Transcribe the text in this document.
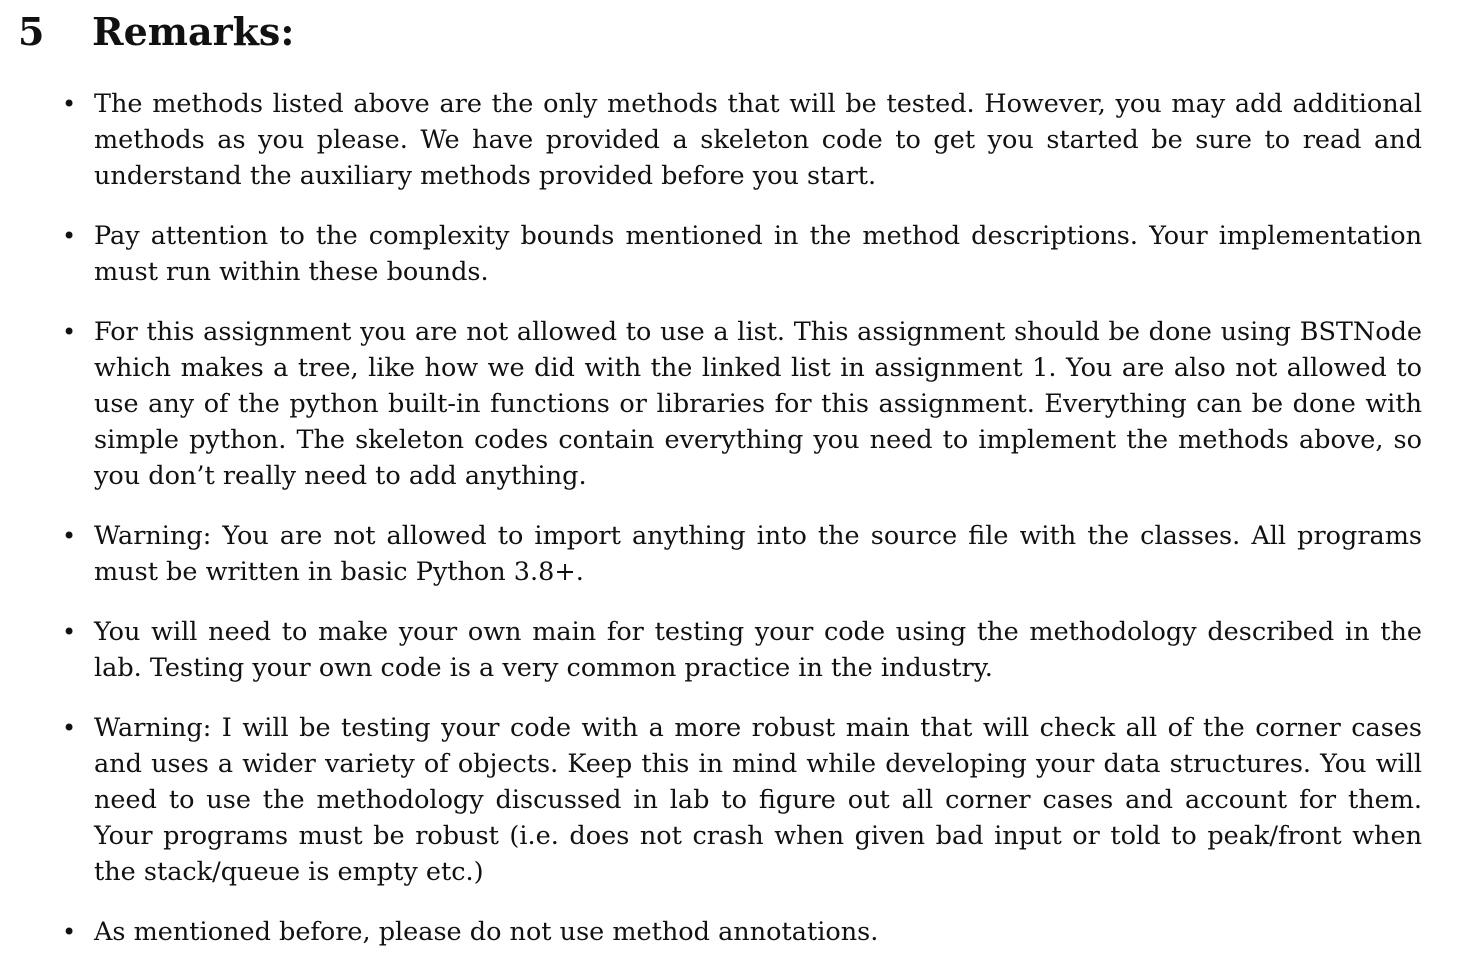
5 Remarks:
• The methods listed above are the only methods that will be tested. However, you may add additional methods as you please. We have provided a skeleton code to get you started be sure to read and understand the auxiliary methods provided before you start.
• Pay attention to the complexity bounds mentioned in the method descriptions. Your implementation must run within these bounds.
• For this assignment you are not allowed to use a list. This assignment should be done using BSTNode which makes a tree, like how we did with the linked list in assignment 1. You are also not allowed to use any of the python built-in functions or libraries for this assignment. Everything can be done with simple python. The skeleton codes contain everything you need to implement the methods above, so you don’t really need to add anything.
• Warning: You are not allowed to import anything into the source file with the classes. All programs must be written in basic Python 3.8+.
• You will need to make your own main for testing your code using the methodology described in the lab. Testing your own code is a very common practice in the industry.
• Warning: I will be testing your code with a more robust main that will check all of the corner cases and uses a wider variety of objects. Keep this in mind while developing your data structures. You will need to use the methodology discussed in lab to figure out all corner cases and account for them. Your programs must be robust (i.e. does not crash when given bad input or told to peak/front when the stack/queue is empty etc.)
• As mentioned before, please do not use method annotations.
